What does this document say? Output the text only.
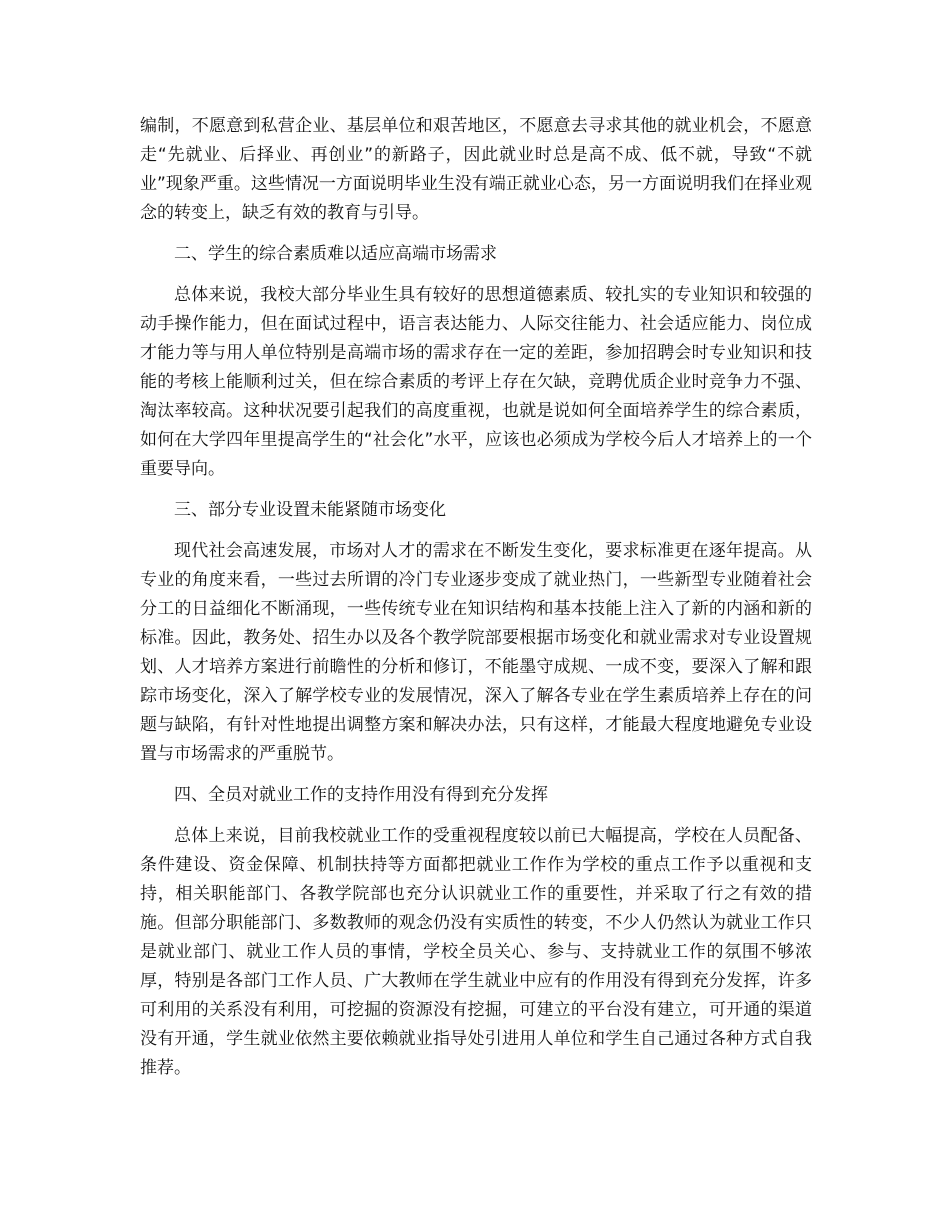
编制，不愿意到私营企业、基层单位和艰苦地区，不愿意去寻求其他的就业机会，不愿意走“先就业、后择业、再创业”的新路子，因此就业时总是高不成、低不就，导致“不就业”现象严重。这些情况一方面说明毕业生没有端正就业心态，另一方面说明我们在择业观念的转变上，缺乏有效的教育与引导。

二、学生的综合素质难以适应高端市场需求

总体来说，我校大部分毕业生具有较好的思想道德素质、较扎实的专业知识和较强的动手操作能力，但在面试过程中，语言表达能力、人际交往能力、社会适应能力、岗位成才能力等与用人单位特别是高端市场的需求存在一定的差距，参加招聘会时专业知识和技能的考核上能顺利过关，但在综合素质的考评上存在欠缺，竞聘优质企业时竞争力不强、淘汰率较高。这种状况要引起我们的高度重视，也就是说如何全面培养学生的综合素质，如何在大学四年里提高学生的“社会化”水平，应该也必须成为学校今后人才培养上的一个重要导向。

三、部分专业设置未能紧随市场变化

现代社会高速发展，市场对人才的需求在不断发生变化，要求标准更在逐年提高。从专业的角度来看，一些过去所谓的冷门专业逐步变成了就业热门，一些新型专业随着社会分工的日益细化不断涌现，一些传统专业在知识结构和基本技能上注入了新的内涵和新的标准。因此，教务处、招生办以及各个教学院部要根据市场变化和就业需求对专业设置规划、人才培养方案进行前瞻性的分析和修订，不能墨守成规、一成不变，要深入了解和跟踪市场变化，深入了解学校专业的发展情况，深入了解各专业在学生素质培养上存在的问题与缺陷，有针对性地提出调整方案和解决办法，只有这样，才能最大程度地避免专业设置与市场需求的严重脱节。

四、全员对就业工作的支持作用没有得到充分发挥

总体上来说，目前我校就业工作的受重视程度较以前已大幅提高，学校在人员配备、条件建设、资金保障、机制扶持等方面都把就业工作作为学校的重点工作予以重视和支持，相关职能部门、各教学院部也充分认识就业工作的重要性，并采取了行之有效的措施。但部分职能部门、多数教师的观念仍没有实质性的转变，不少人仍然认为就业工作只是就业部门、就业工作人员的事情，学校全员关心、参与、支持就业工作的氛围不够浓厚，特别是各部门工作人员、广大教师在学生就业中应有的作用没有得到充分发挥，许多可利用的关系没有利用，可挖掘的资源没有挖掘，可建立的平台没有建立，可开通的渠道没有开通，学生就业依然主要依赖就业指导处引进用人单位和学生自己通过各种方式自我推荐。
